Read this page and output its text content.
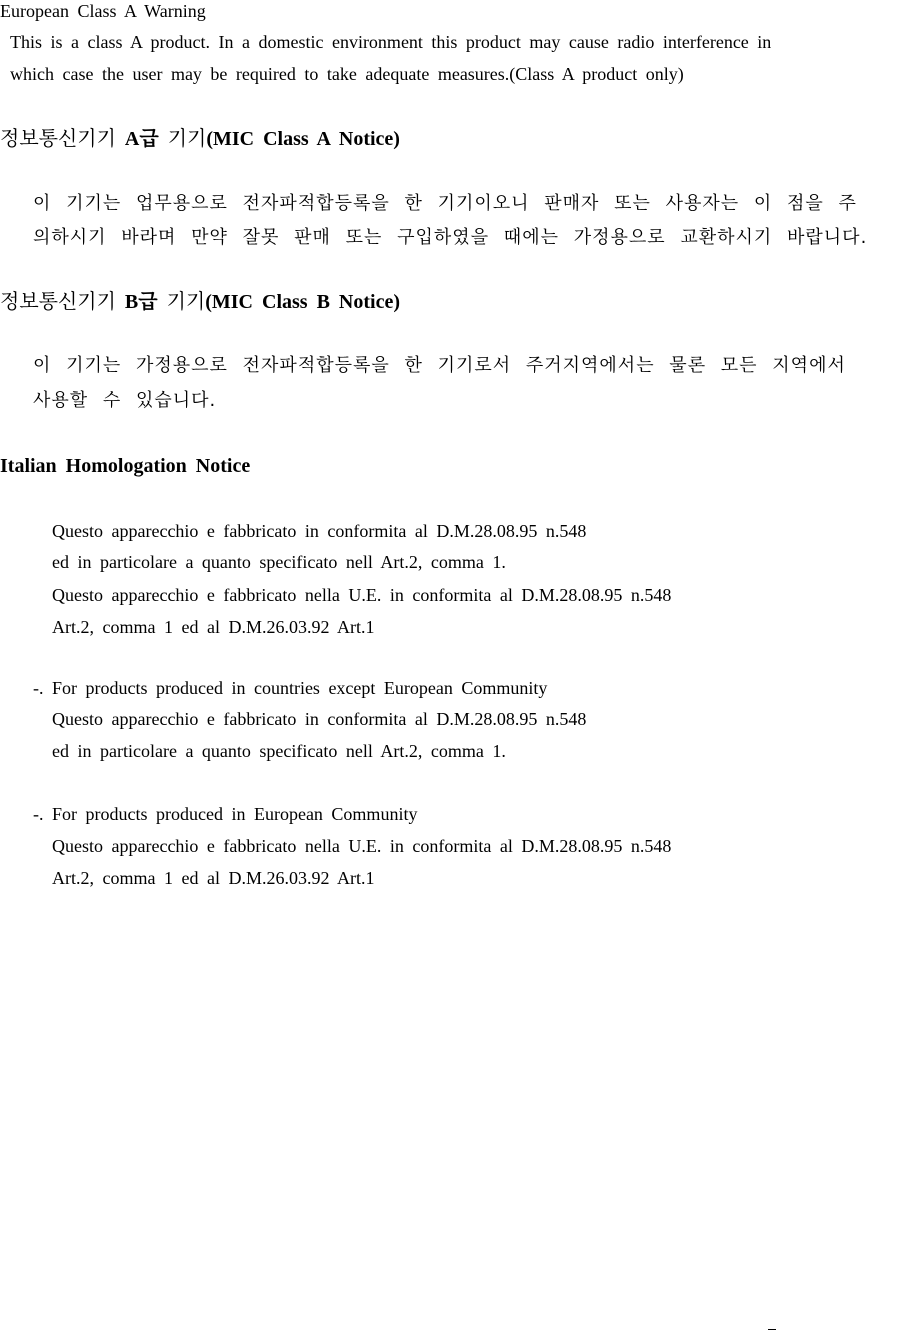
European Class A Warning
This is a class A product. In a domestic environment this product may cause radio interference in
which case the user may be required to take adequate measures.(Class A product only)
정보통신기기 A급 기기(MIC Class A Notice)
이 기기는 업무용으로 전자파적합등록을 한 기기이오니 판매자 또는 사용자는 이 점을 주
의하시기 바라며 만약 잘못 판매 또는 구입하였을 때에는 가정용으로 교환하시기 바랍니다.
정보통신기기 B급 기기(MIC Class B Notice)
이 기기는 가정용으로 전자파적합등록을 한 기기로서 주거지역에서는 물론 모든 지역에서
사용할 수 있습니다.
Italian Homologation Notice
Questo apparecchio e fabbricato in conformita al D.M.28.08.95 n.548
ed in particolare a quanto specificato nell Art.2, comma 1.
Questo apparecchio e fabbricato nella U.E. in conformita al D.M.28.08.95 n.548
Art.2, comma 1 ed al D.M.26.03.92 Art.1
-. For products produced in countries except European Community
Questo apparecchio e fabbricato in conformita al D.M.28.08.95 n.548
ed in particolare a quanto specificato nell Art.2, comma 1.
-. For products produced in European Community
Questo apparecchio e fabbricato nella U.E. in conformita al D.M.28.08.95 n.548
Art.2, comma 1 ed al D.M.26.03.92 Art.1
